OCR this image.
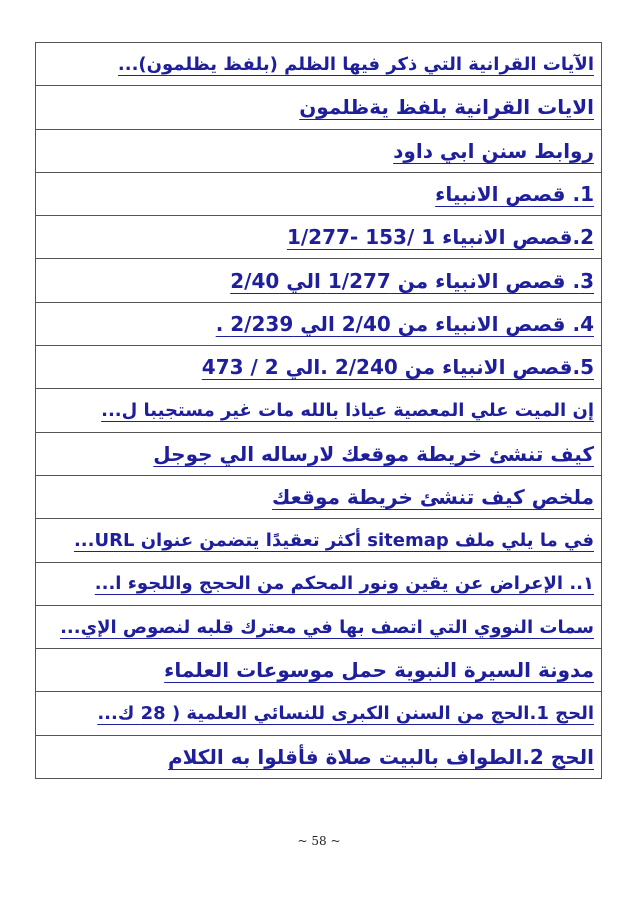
الآيات القرانية التي ذكر فيها الظلم (بلفظ يظلمون)...
الايات القرانية بلفظ يةظلمون
روابط سنن ابي داود
1. قصص الانبياء
2.قصص الانبياء 1 /153 -1/277
3. قصص الانبياء من 1/277 الي 2/40
4. قصص الانبياء من 2/40 الي 2/239 .
5.قصص الانبياء من 2/240 .الي 2 / 473
إن الميت علي المعصية عياذا بالله مات غير مستجيبا ل...
كيف تنشئ خريطة موقعك لارساله الي جوجل
ملخص كيف تنشئ خريطة موقعك
في ما يلي ملف sitemap أكثر تعقيدًا يتضمن عنوان URL...
١.. الإعراض عن يقين ونور المحكم من الحجج واللجوء ا...
سمات النووي التي اتصف بها في معترك قلبه لنصوص الإي...
مدونة السيرة النبوية حمل موسوعات العلماء
الحج 1.الحج من السنن الكبرى للنسائي العلمية ( 28 ك...
الحج 2.الطواف بالبيت صلاة فأقلوا به الكلام
~ 58 ~
